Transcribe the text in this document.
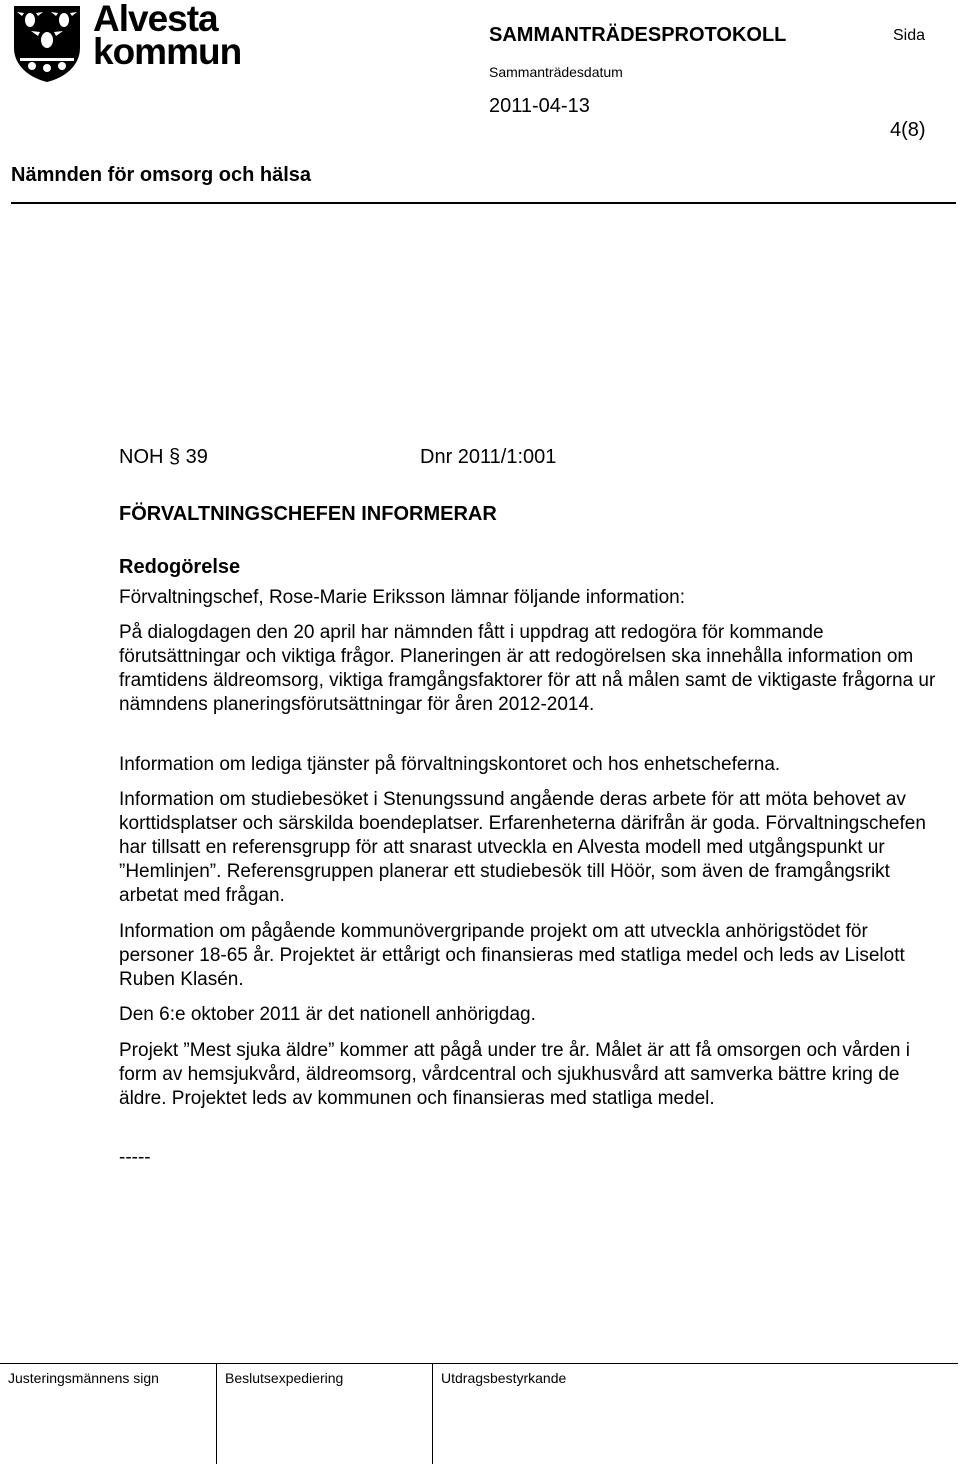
Alvesta
kommun	SAMMANTRÄDESPROTOKOLL	Sida
Sammanträdesdatum
2011-04-13
4(8)
Nämnden för omsorg och hälsa
NOH § 39	Dnr 2011/1:001
FÖRVALTNINGSCHEFEN INFORMERAR
Redogörelse

Förvaltningschef, Rose-Marie Eriksson lämnar följande information:

På dialogdagen den 20 april har nämnden fått i uppdrag att redogöra för kommande förutsättningar och viktiga frågor. Planeringen är att redogörelsen ska innehålla information om framtidens äldreomsorg, viktiga framgångsfaktorer för att nå målen samt de viktigaste frågorna ur nämndens planeringsförutsättningar för åren 2012-2014.

Information om lediga tjänster på förvaltningskontoret och hos enhetscheferna.

Information om studiebesöket i Stenungssund angående deras arbete för att möta behovet av korttidsplatser och särskilda boendeplatser. Erfarenheterna därifrån är goda. Förvaltningschefen har tillsatt en referensgrupp för att snarast utveckla en Alvesta modell med utgångspunkt ur ”Hemlinjen”. Referensgruppen planerar ett studiebesök till Höör, som även de framgångsrikt arbetat med frågan.

Information om pågående kommunövergripande projekt om att utveckla anhörigstödet för personer 18-65 år. Projektet är ettårigt och finansieras med statliga medel och leds av Liselott Ruben Klasén.

Den 6:e oktober 2011 är det nationell anhörigdag.

Projekt ”Mest sjuka äldre” kommer att pågå under tre år. Målet är att få omsorgen och vården i form av hemsjukvård, äldreomsorg, vårdcentral och sjukhusvård att samverka bättre kring de äldre. Projektet leds av kommunen och finansieras med statliga medel.

-----
Justeringsmännens sign	Beslutsexpediering	Utdragsbestyrkande
